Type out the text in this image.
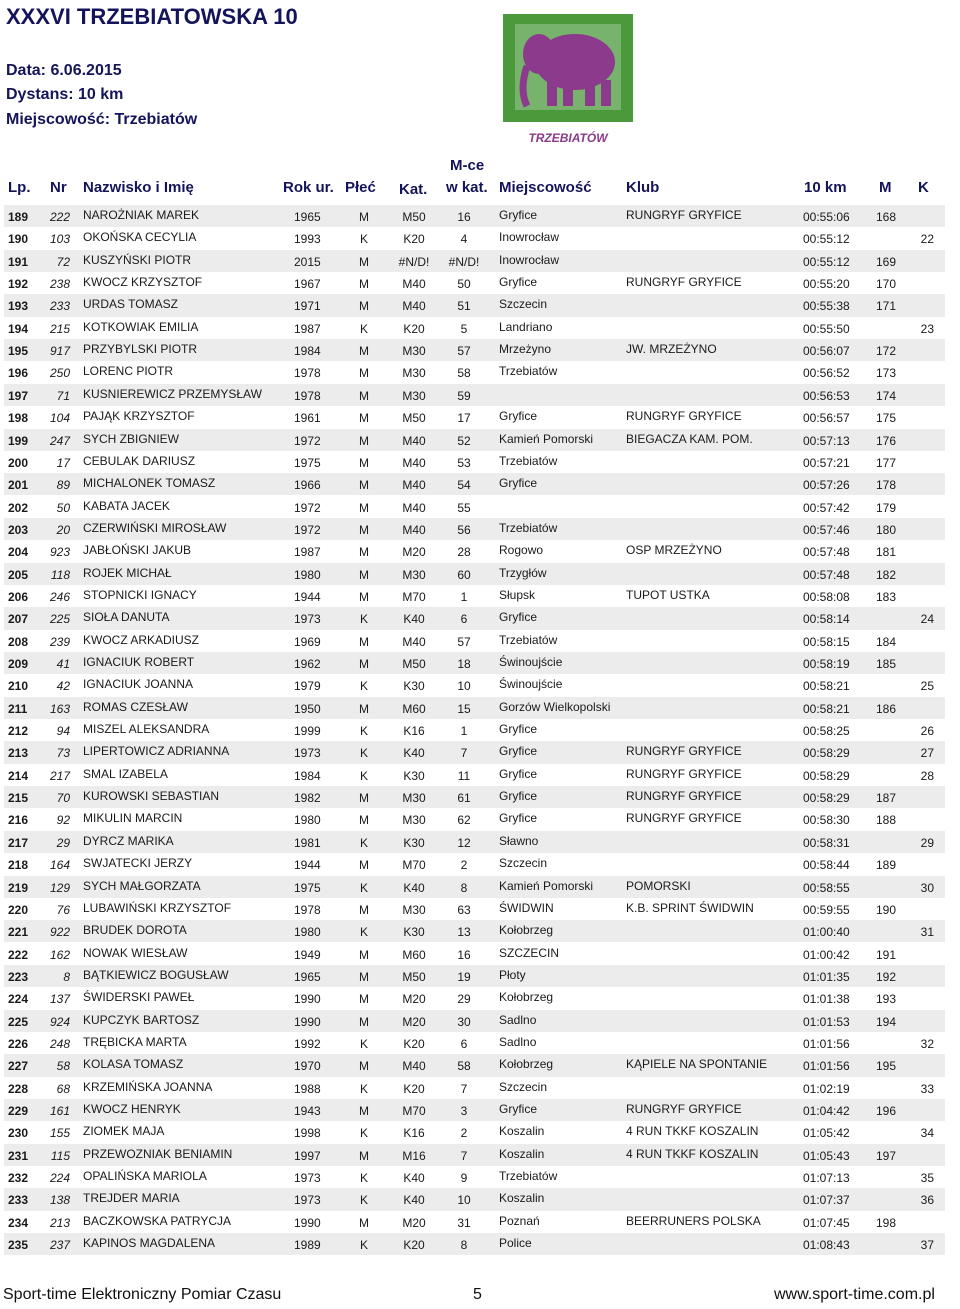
XXXVI TRZEBIATOWSKA 10
Data: 6.06.2015
Dystans: 10 km
Miejscowość: Trzebiatów
TRZEBIATÓW
Lp. Nr Nazwisko i Imię	Rok ur. Płeć Kat.
M-ce
w kat. Miejscowość Klub	10 km M K
189 222 NAROŻNIAK MAREK	1965	M	M50	16	Gryfice	RUNGRYF GRYFICE	00:55:06 168
190 103 OKOŃSKA CECYLIA	1993	K	K20	4	Inowrocław	00:55:12	22
191	72 KUSZYŃSKI PIOTR	2015	M	#N/D!	#N/D!	Inowrocław	00:55:12 169
192 238 KWOCZ KRZYSZTOF	1967	M	M40	50	Gryfice	RUNGRYF GRYFICE	00:55:20 170
193 233 URDAS TOMASZ	1971	M	M40	51	Szczecin	00:55:38 171
194 215 KOTKOWIAK EMILIA	1987	K	K20	5	Landriano	00:55:50	23
195 917 PRZYBYLSKI PIOTR	1984	M	M30	57	Mrzeżyno	JW. MRZEŻYNO	00:56:07 172
196 250 LORENC PIOTR	1978	M	M30	58	Trzebiatów	00:56:52 173
197	71 KUSNIEREWICZ PRZEMYSŁAW	1978	M	M30	59	00:56:53 174
198 104 PAJĄK KRZYSZTOF	1961	M	M50	17	Gryfice	RUNGRYF GRYFICE	00:56:57 175
199 247 SYCH ZBIGNIEW	1972	M	M40	52	Kamień Pomorski	BIEGACZA KAM. POM.	00:57:13 176
200	17 CEBULAK DARIUSZ	1975	M	M40	53	Trzebiatów	00:57:21 177
201	89 MICHALONEK TOMASZ	1966	M	M40	54	Gryfice	00:57:26 178
202	50 KABATA JACEK	1972	M	M40	55	00:57:42 179
203	20 CZERWIŃSKI MIROSŁAW	1972	M	M40	56	Trzebiatów	00:57:46 180
204 923 JABŁOŃSKI JAKUB	1987	M	M20	28	Rogowo	OSP MRZEŻYNO	00:57:48 181
205 118 ROJEK MICHAŁ	1980	M	M30	60	Trzygłów	00:57:48 182
206 246 STOPNICKI IGNACY	1944	M	M70	1	Słupsk	TUPOT USTKA	00:58:08 183
207 225 SIOŁA DANUTA	1973	K	K40	6	Gryfice	00:58:14	24
208 239 KWOCZ ARKADIUSZ	1969	M	M40	57	Trzebiatów	00:58:15 184
209	41 IGNACIUK ROBERT	1962	M	M50	18	Świnoujście	00:58:19 185
210	42 IGNACIUK JOANNA	1979	K	K30	10	Świnoujście	00:58:21	25
211 163 ROMAS CZESŁAW	1950	M	M60	15	Gorzów Wielkopolski	00:58:21 186
212	94 MISZEL ALEKSANDRA	1999	K	K16	1	Gryfice	00:58:25	26
213	73 LIPERTOWICZ ADRIANNA	1973	K	K40	7	Gryfice	RUNGRYF GRYFICE	00:58:29	27
214 217 SMAL IZABELA	1984	K	K30	11	Gryfice	RUNGRYF GRYFICE	00:58:29	28
215	70 KUROWSKI SEBASTIAN	1982	M	M30	61	Gryfice	RUNGRYF GRYFICE	00:58:29 187
216	92 MIKULIN MARCIN	1980	M	M30	62	Gryfice	RUNGRYF GRYFICE	00:58:30 188
217	29 DYRCZ MARIKA	1981	K	K30	12	Sławno	00:58:31	29
218 164 SWJATECKI JERZY	1944	M	M70	2	Szczecin	00:58:44 189
219 129 SYCH MAŁGORZATA	1975	K	K40	8	Kamień Pomorski	POMORSKI	00:58:55	30
220	76 LUBAWIŃSKI KRZYSZTOF	1978	M	M30	63	ŚWIDWIN	K.B. SPRINT ŚWIDWIN	00:59:55 190
221 922 BRUDEK DOROTA	1980	K	K30	13	Kołobrzeg	01:00:40	31
222 162 NOWAK WIESŁAW	1949	M	M60	16	SZCZECIN	01:00:42 191
223	8 BĄTKIEWICZ BOGUSŁAW	1965	M	M50	19	Płoty	01:01:35 192
224 137 ŚWIDERSKI PAWEŁ	1990	M	M20	29	Kołobrzeg	01:01:38 193
225 924 KUPCZYK BARTOSZ	1990	M	M20	30	Sadlno	01:01:53 194
226 248 TRĘBICKA MARTA	1992	K	K20	6	Sadlno	01:01:56	32
227	58 KOLASA TOMASZ	1970	M	M40	58	Kołobrzeg	KĄPIELE NA SPONTANIE	01:01:56 195
228	68 KRZEMIŃSKA JOANNA	1988	K	K20	7	Szczecin	01:02:19	33
229 161 KWOCZ HENRYK	1943	M	M70	3	Gryfice	RUNGRYF GRYFICE	01:04:42 196
230 155 ZIOMEK MAJA	1998	K	K16	2	Koszalin	4 RUN TKKF KOSZALIN	01:05:42	34
231 115 PRZEWOZNIAK BENIAMIN	1997	M	M16	7	Koszalin	4 RUN TKKF KOSZALIN	01:05:43 197
232 224 OPALIŃSKA MARIOLA	1973	K	K40	9	Trzebiatów	01:07:13	35
233 138 TREJDER MARIA	1973	K	K40	10	Koszalin	01:07:37	36
234 213 BACZKOWSKA PATRYCJA	1990	M	M20	31	Poznań	BEERRUNERS POLSKA	01:07:45 198
235 237 KAPINOS MAGDALENA	1989	K	K20	8	Police	01:08:43	37
Sport-time Elektroniczny Pomiar Czasu	5	www.sport-time.com.pl
